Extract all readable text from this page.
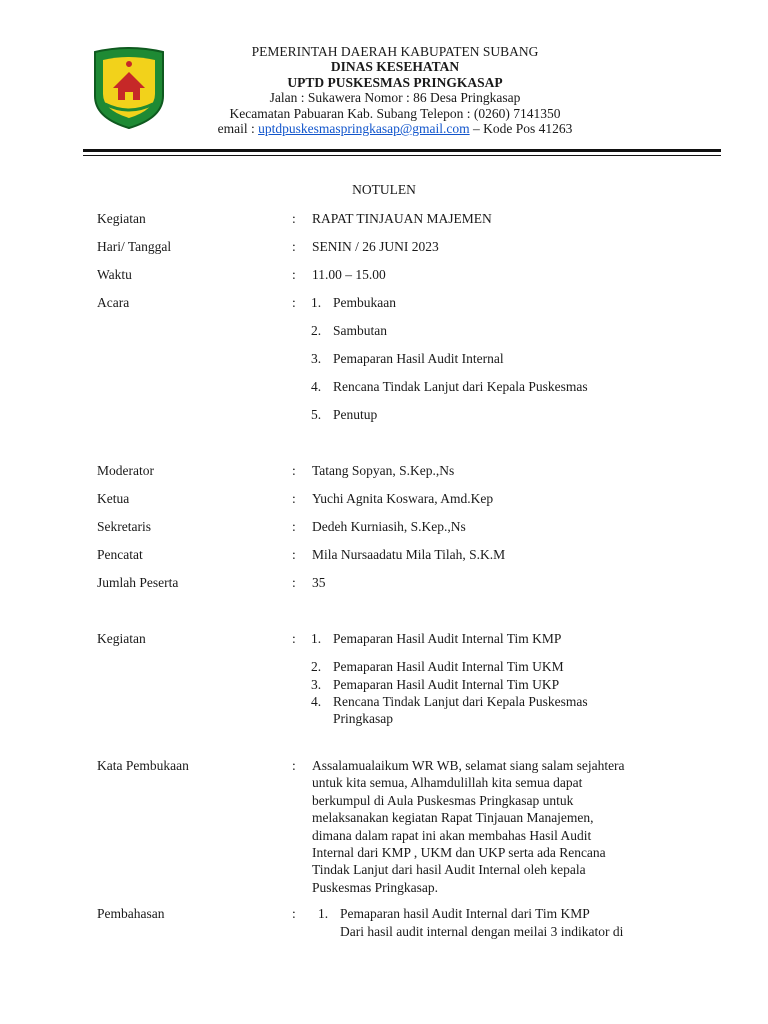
PEMERINTAH DAERAH KABUPATEN SUBANG
DINAS KESEHATAN
UPTD PUSKESMAS PRINGKASAP
Jalan : Sukawera Nomor : 86 Desa Pringkasap
Kecamatan Pabuaran Kab. Subang Telepon : (0260) 7141350
email : uptdpuskesmaspringkasap@gmail.com – Kode Pos 41263
NOTULEN
Kegiatan	: RAPAT TINJAUAN MAJEMEN
Hari/ Tanggal	: SENIN / 26 JUNI 2023
Waktu	: 11.00 – 15.00
Acara	: 1. Pembukaan
2. Sambutan
3. Pemaparan Hasil Audit Internal
4. Rencana Tindak Lanjut dari Kepala Puskesmas
5. Penutup
Moderator	: Tatang Sopyan, S.Kep.,Ns
Ketua	: Yuchi Agnita Koswara, Amd.Kep
Sekretaris	: Dedeh Kurniasih, S.Kep.,Ns
Pencatat	: Mila Nursaadatu Mila Tilah, S.K.M
Jumlah Peserta	: 35
Kegiatan	: 1. Pemaparan Hasil Audit Internal Tim KMP
2. Pemaparan Hasil Audit Internal Tim UKM
3. Pemaparan Hasil Audit Internal Tim UKP
4. Rencana Tindak Lanjut dari Kepala Puskesmas
Pringkasap
Kata Pembukaan	: Assalamualaikum WR WB, selamat siang salam sejahtera
untuk kita semua, Alhamdulillah kita semua dapat
berkumpul di Aula Puskesmas Pringkasap untuk
melaksanakan kegiatan Rapat Tinjauan Manajemen,
dimana dalam rapat ini akan membahas Hasil Audit
Internal dari KMP , UKM dan UKP serta ada Rencana
Tindak Lanjut dari hasil Audit Internal oleh kepala
Puskesmas Pringkasap.
Pembahasan	: 1. Pemaparan hasil Audit Internal dari Tim KMP
Dari hasil audit internal dengan meilai 3 indikator di
